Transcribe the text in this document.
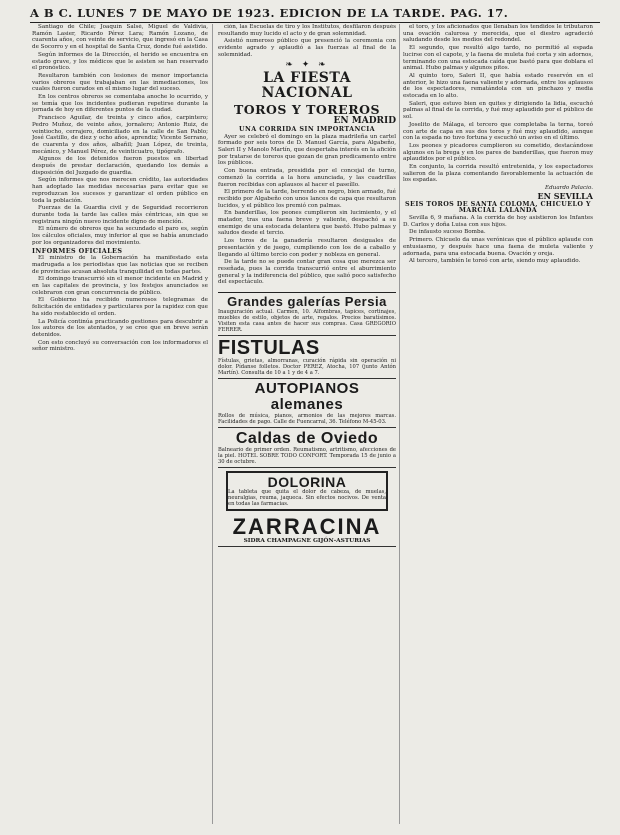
A B C. LUNES 7 DE MAYO DE 1923. EDICION DE LA TARDE. PAG. 17.

Santiago de Chile; Joaquín Salsé, Miguel de Valdivia, Ramón Lasier, Ricardo Pérez Lara; Ramón Lozano, de cuarenta años, con veinte de servicio, que ingresó en la Casa de Socorro y en el hospital de Santa Cruz, donde fué asistido.

Según informes de la Dirección, el herido se encuentra en estado grave, y los médicos que le asisten se han reservado el pronóstico.

Resultaron también con lesiones de menor importancia varios obreros que trabajaban en las inmediaciones, los cuales fueron curados en el mismo lugar del suceso.

En los centros obreros se comentaba anoche lo ocurrido, y se temía que los incidentes pudieran repetirse durante la jornada de hoy en diferentes puntos de la ciudad.

Francisco Aguilar, de treinta y cinco años, carpintero; Pedro Muñoz, de veinte años, jornalero; Antonio Ruiz, de veintiocho, cerrajero, domiciliado en la calle de San Pablo; José Castillo, de diez y ocho años, aprendiz; Vicente Serrano, de cuarenta y dos años, albañil; Juan López, de treinta, mecánico, y Manuel Pérez, de veinticuatro, tipógrafo.

Algunos de los detenidos fueron puestos en libertad después de prestar declaración, quedando los demás a disposición del Juzgado de guardia.

Según informes que nos merecen crédito, las autoridades han adoptado las medidas necesarias para evitar que se reproduzcan los sucesos y garantizar el orden público en toda la población.

Fuerzas de la Guardia civil y de Seguridad recorrieron durante toda la tarde las calles más céntricas, sin que se registrara ningún nuevo incidente digno de mención.

El número de obreros que ha secundado el paro es, según los cálculos oficiales, muy inferior al que se había anunciado por los organizadores del movimiento.

INFORMES OFICIALES

El ministro de la Gobernación ha manifestado esta madrugada a los periodistas que las noticias que se reciben de provincias acusan absoluta tranquilidad en todas partes.

El domingo transcurrió sin el menor incidente en Madrid y en las capitales de provincia, y los festejos anunciados se celebraron con gran concurrencia de público.

El Gobierno ha recibido numerosos telegramas de felicitación de entidades y particulares por la rapidez con que ha sido restablecido el orden.

La Policía continúa practicando gestiones para descubrir a los autores de los atentados, y se cree que en breve serán detenidos.

Con esto concluyó su conversación con los informadores el señor ministro.

ción, las Escuelas de tiro y los Institutos, desfilaron después resultando muy lucido el acto y de gran solemnidad.

Asistió numeroso público que presenció la ceremonia con evidente agrado y aplaudió a las fuerzas al final de la solemnidad.

❧ ✦ ❧

LA FIESTA NACIONAL

TOROS Y TOREROS

EN MADRID

UNA CORRIDA SIN IMPORTANCIA

Ayer se celebró el domingo en la plaza madrileña un cartel formado por seis toros de D. Manuel García, para Algabeño, Saleri II y Manolo Martín, que despertaba interés en la afición por tratarse de toreros que gozan de gran predicamento entre los públicos.

Con buena entrada, presidida por el concejal de turno, comenzó la corrida a la hora anunciada, y las cuadrillas fueron recibidas con aplausos al hacer el paseíllo.

El primero de la tarde, berrendo en negro, bien armado, fué recibido por Algabeño con unos lances de capa que resultaron lucidos, y el público los premió con palmas.

En banderillas, los peones cumplieron sin lucimiento, y el matador, tras una faena breve y valiente, despachó a su enemigo de una estocada delantera que bastó. Hubo palmas y saludos desde el tercio.

Los toros de la ganadería resultaron desiguales de presentación y de juego, cumpliendo con los de a caballo y llegando al último tercio con poder y nobleza en general.

De la tarde no se puede contar gran cosa que merezca ser reseñada, pues la corrida transcurrió entre el aburrimiento general y la indiferencia del público, que salió poco satisfecho del espectáculo.

Grandes galerías Persia
Inauguración actual. Carmen, 10. Alfombras, tapices, cortinajes, muebles de estilo, objetos de arte, regalos. Precios baratísimos. Visiten esta casa antes de hacer sus compras. Casa GREGORIO FERRER.
FISTULAS
Fístulas, grietas, almorranas, curación rápida sin operación ni dolor. Pídanse folletos. Doctor PEREZ, Atocha, 107 (junto Antón Martín). Consulta de 10 a 1 y de 4 a 7.
AUTOPIANOS alemanes
Rollos de música, pianos, armonios de las mejores marcas. Facilidades de pago. Calle de Fuencarral, 36. Teléfono M-45-03.
Caldas de Oviedo
Balneario de primer orden. Reumatismo, artritismo, afecciones de la piel. HOTEL SOBRE TODO CONFORT. Temporada 15 de junio a 30 de octubre.
DOLORINA
La tableta que quita el dolor de cabeza, de muelas, neuralgias, reuma, jaqueca. Sin efectos nocivos. De venta en todas las farmacias.
ZARRACINA
SIDRA CHAMPAGNE GIJÓN-ASTURIAS

el toro, y los aficionados que llenaban los tendidos le tributaron una ovación calurosa y merecida, que el diestro agradeció saludando desde los medios del redondel.

El segundo, que resultó algo tardo, no permitió al espada lucirse con el capote, y la faena de muleta fué corta y sin adornos, terminando con una estocada caída que bastó para que doblara el animal. Hubo palmas y algunos pitos.

Al quinto toro, Saleri II, que había estado reservón en el anterior, le hizo una faena valiente y adornada, entre los aplausos de los espectadores, rematándola con un pinchazo y media estocada en lo alto.

Saleri, que estuvo bien en quites y dirigiendo la lidia, escuchó palmas al final de la corrida, y fué muy aplaudido por el público de sol.

Joselito de Málaga, el tercero que completaba la terna, toreó con arte de capa en sus dos toros y fué muy aplaudido, aunque con la espada no tuvo fortuna y escuchó un aviso en el último.

Los peones y picadores cumplieron su cometido, destacándose algunos en la brega y en los pares de banderillas, que fueron muy aplaudidos por el público.

En conjunto, la corrida resultó entretenida, y los espectadores salieron de la plaza comentando favorablemente la actuación de los espadas.

Eduardo Palacio.

EN SEVILLA

SEIS TOROS DE SANTA COLOMA, CHICUELO Y MARCIAL LALANDA

Sevilla 6, 9 mañana. A la corrida de hoy asistieron los Infantes D. Carlos y doña Luisa con sus hijos.

De infausto suceso Bomba.

Primero. Chicuelo da unas verónicas que el público aplaude con entusiasmo, y después hace una faena de muleta valiente y adornada, para una estocada buena. Ovación y oreja.

Al tercero, también le toreó con arte, siendo muy aplaudido.
